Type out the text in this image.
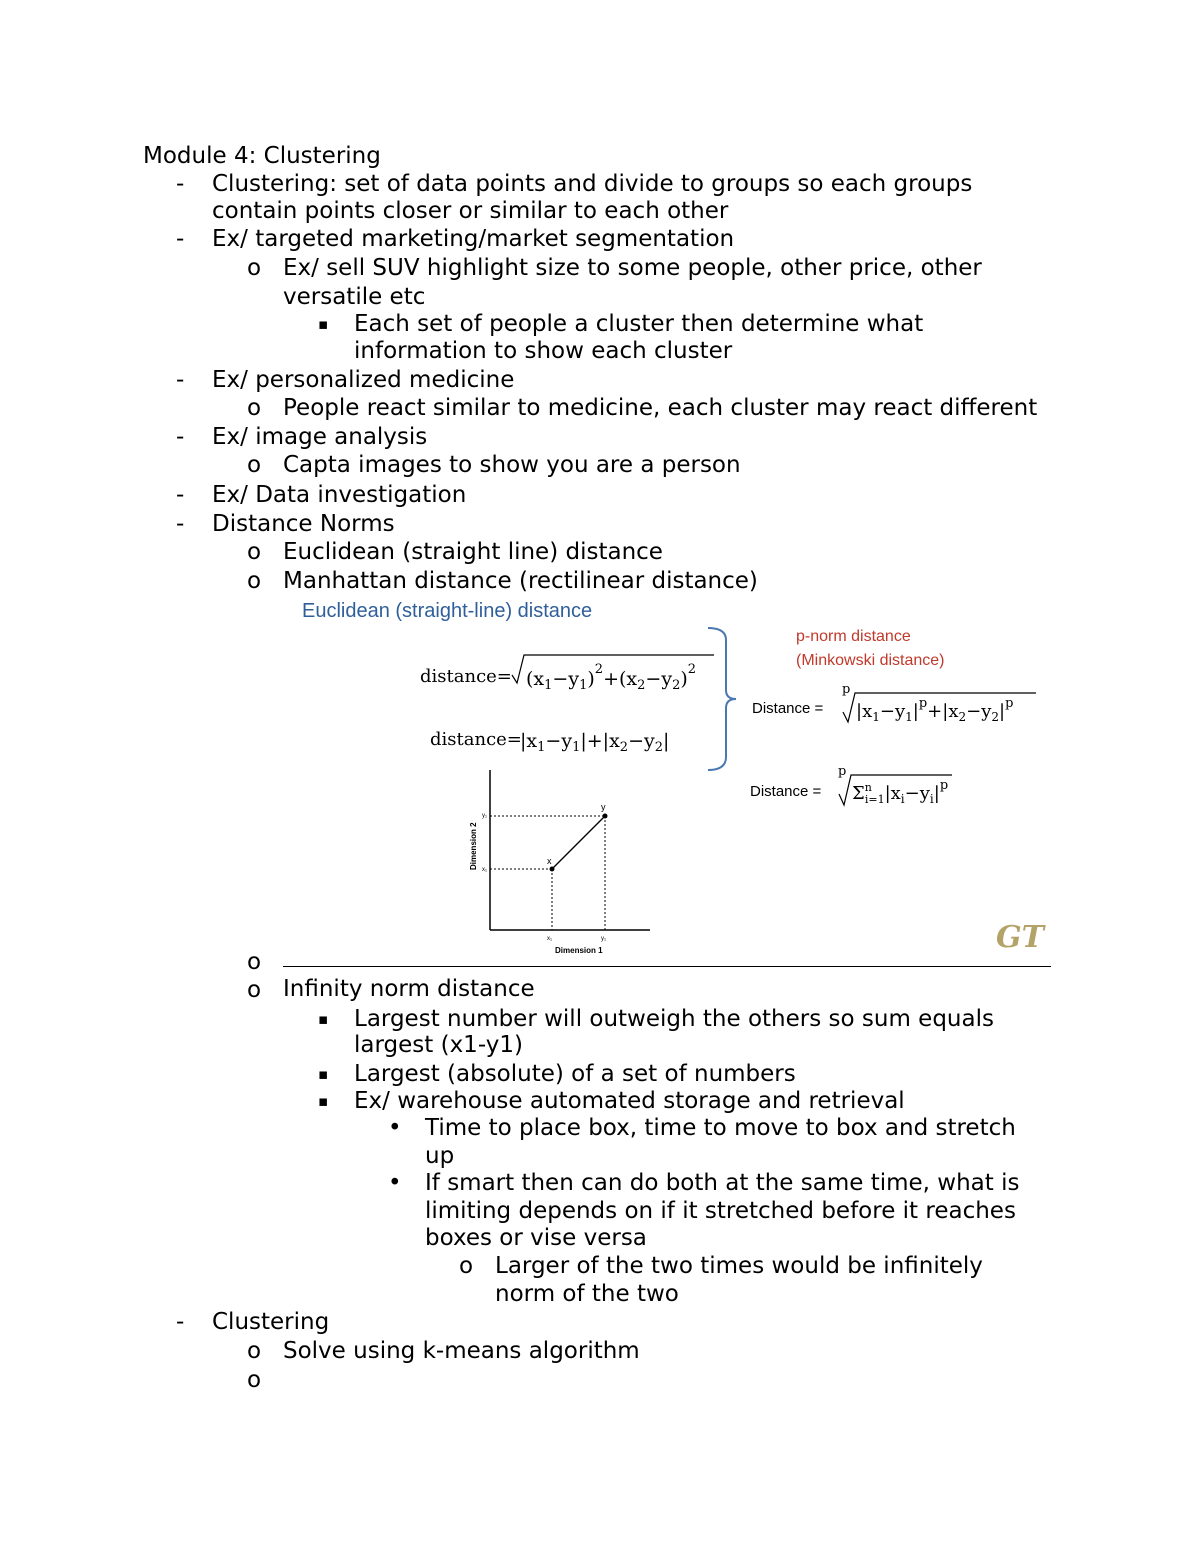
Module 4: Clustering
- Clustering: set of data points and divide to groups so each groups
contain points closer or similar to each other
- Ex/ targeted marketing/market segmentation
o Ex/ sell SUV highlight size to some people, other price, other
versatile etc
▪ Each set of people a cluster then determine what
information to show each cluster
- Ex/ personalized medicine
o People react similar to medicine, each cluster may react different
- Ex/ image analysis
o Capta images to show you are a person
- Ex/ Data investigation
- Distance Norms
o Euclidean (straight line) distance
o Manhattan distance (rectilinear distance)
Euclidean (straight-line) distance
distance= $(x_1-y_1)^2+(x_2-y_2)^2$
distance=
$|x_1-y_1|+|x_2-y_2|$
p-norm distance
(Minkowski distance)
Distance =
p
$|x_1-y_1|^p+|x_2-y_2|^p$
Distance =
p
$\Sigma^n$ $i=1|x_i-y_i|^p$
x
y
y₁
x₁
x₁	y₁
Dimension 1
Dimension 2
GT
o
o Infinity norm distance
▪ Largest number will outweigh the others so sum equals
largest (x1-y1)
▪ Largest (absolute) of a set of numbers
▪ Ex/ warehouse automated storage and retrieval
• Time to place box, time to move to box and stretch
up
• If smart then can do both at the same time, what is
limiting depends on if it stretched before it reaches
boxes or vise versa
o Larger of the two times would be infinitely
norm of the two
- Clustering
o Solve using k-means algorithm
o
